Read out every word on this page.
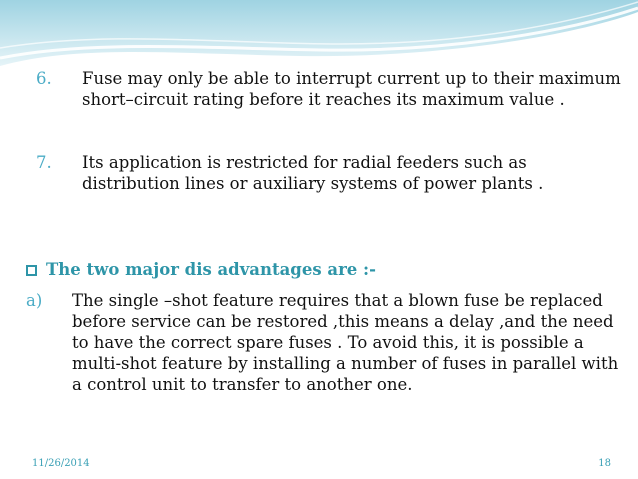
6. Fuse may only be able to interrupt current up to their maximum short–circuit rating before it reaches its maximum value .
7. Its application is restricted for radial feeders such as distribution lines or auxiliary systems of power plants .
The two major dis advantages are :-
a) The single –shot feature requires that a blown fuse be replaced before service can be restored ,this means a delay ,and the need to have the correct spare fuses . To avoid this, it is possible a multi-shot feature by installing a number of fuses in parallel with a control unit to transfer to another one.
11/26/2014	18
